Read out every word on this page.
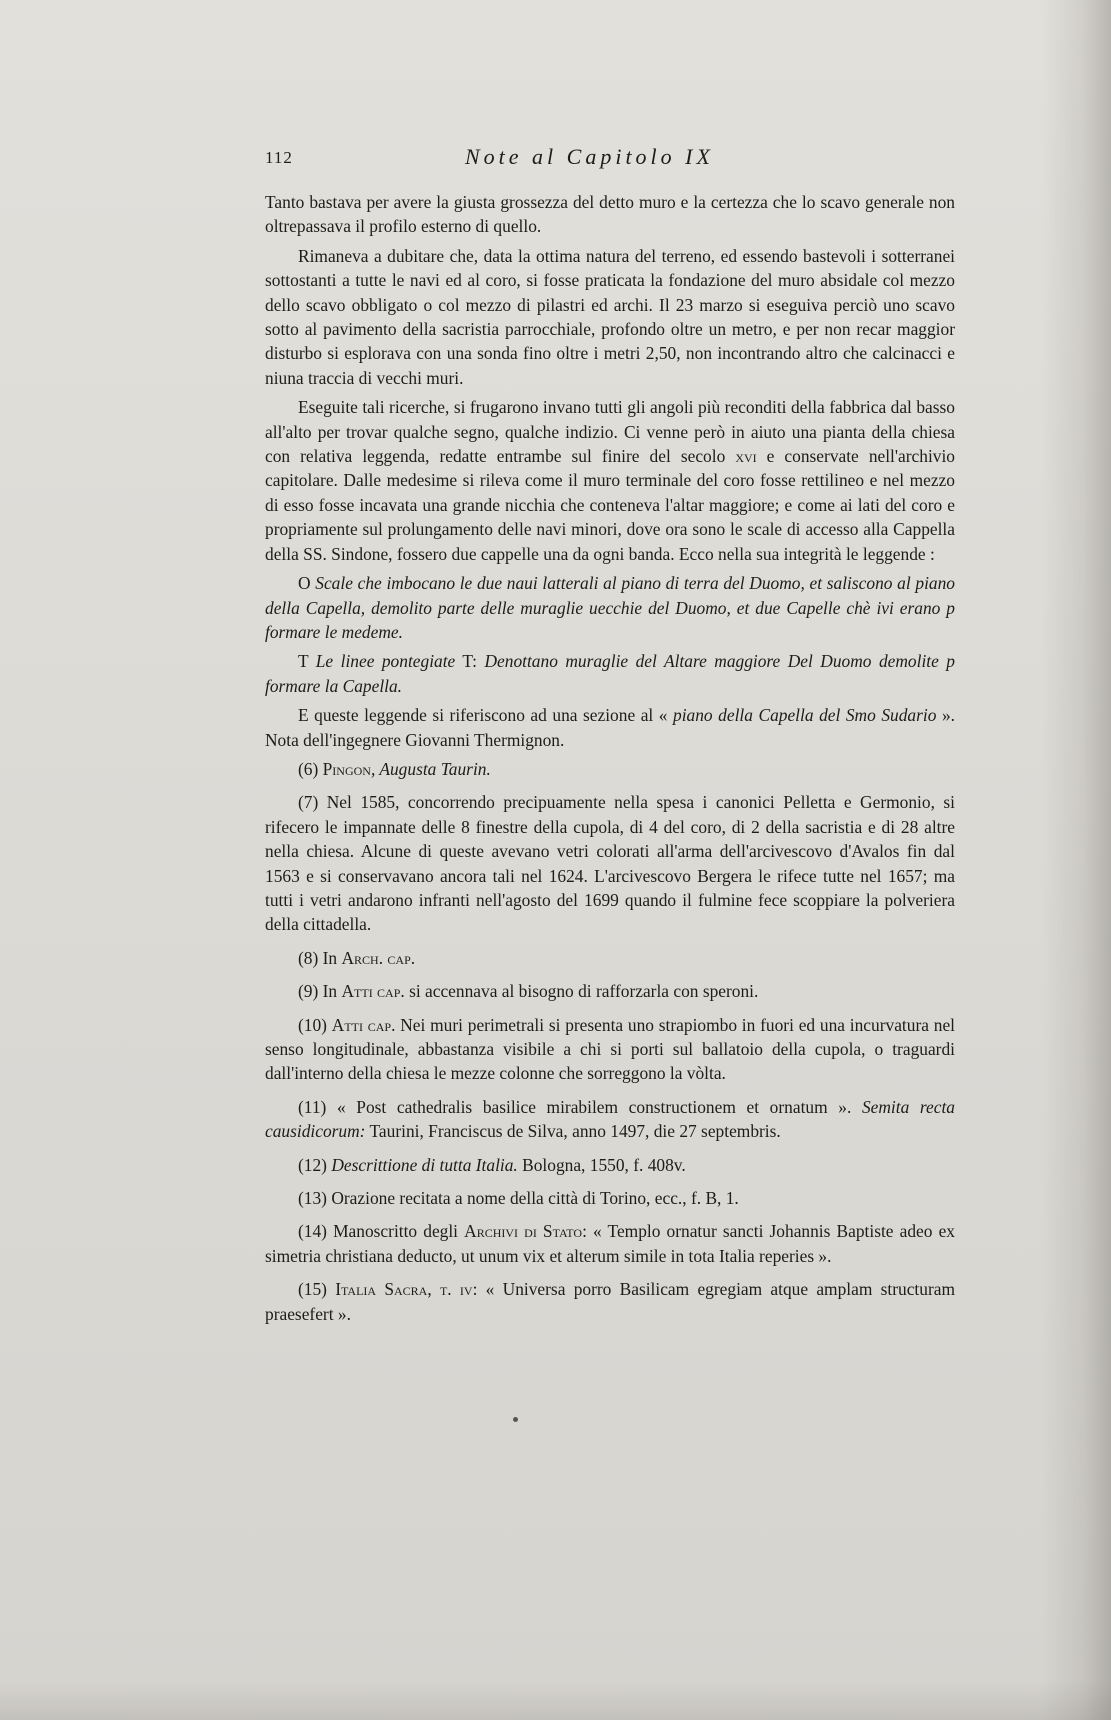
112	Note al Capitolo IX

Tanto bastava per avere la giusta grossezza del detto muro e la certezza che lo scavo generale non oltrepassava il profilo esterno di quello.

Rimaneva a dubitare che, data la ottima natura del terreno, ed essendo bastevoli i sotterranei sottostanti a tutte le navi ed al coro, si fosse praticata la fondazione del muro absidale col mezzo dello scavo obbligato o col mezzo di pilastri ed archi. Il 23 marzo si eseguiva perciò uno scavo sotto al pavimento della sacristia parrocchiale, profondo oltre un metro, e per non recar maggior disturbo si esplorava con una sonda fino oltre i metri 2,50, non incontrando altro che calcinacci e niuna traccia di vecchi muri.

Eseguite tali ricerche, si frugarono invano tutti gli angoli più reconditi della fabbrica dal basso all'alto per trovar qualche segno, qualche indizio. Ci venne però in aiuto una pianta della chiesa con relativa leggenda, redatte entrambe sul finire del secolo xvi e conservate nell'archivio capitolare. Dalle medesime si rileva come il muro terminale del coro fosse rettilineo e nel mezzo di esso fosse incavata una grande nicchia che conteneva l'altar maggiore; e come ai lati del coro e propriamente sul prolungamento delle navi minori, dove ora sono le scale di accesso alla Cappella della SS. Sindone, fossero due cappelle una da ogni banda. Ecco nella sua integrità le leggende :

O Scale che imbocano le due naui latterali al piano di terra del Duomo, et saliscono al piano della Capella, demolito parte delle muraglie uecchie del Duomo, et due Capelle chè ivi erano p formare le medeme.

T Le linee pontegiate T: Denottano muraglie del Altare maggiore Del Duomo demolite p formare la Capella.

E queste leggende si riferiscono ad una sezione al « piano della Capella del Smo Sudario ». Nota dell'ingegnere Giovanni Thermignon.

(6) Pingon, Augusta Taurin.

(7) Nel 1585, concorrendo precipuamente nella spesa i canonici Pelletta e Germonio, si rifecero le impannate delle 8 finestre della cupola, di 4 del coro, di 2 della sacristia e di 28 altre nella chiesa. Alcune di queste avevano vetri colorati all'arma dell'arcivescovo d'Avalos fin dal 1563 e si conservavano ancora tali nel 1624. L'arcivescovo Bergera le rifece tutte nel 1657; ma tutti i vetri andarono infranti nell'agosto del 1699 quando il fulmine fece scoppiare la polveriera della cittadella.

(8) In Arch. cap.

(9) In Atti cap. si accennava al bisogno di rafforzarla con speroni.

(10) Atti cap. Nei muri perimetrali si presenta uno strapiombo in fuori ed una incurvatura nel senso longitudinale, abbastanza visibile a chi si porti sul ballatoio della cupola, o traguardi dall'interno della chiesa le mezze colonne che sorreggono la vòlta.

(11) « Post cathedralis basilice mirabilem constructionem et ornatum ». Semita recta causidicorum: Taurini, Franciscus de Silva, anno 1497, die 27 septembris.

(12) Descrittione di tutta Italia. Bologna, 1550, f. 408v.

(13) Orazione recitata a nome della città di Torino, ecc., f. B, 1.

(14) Manoscritto degli Archivi di Stato: « Templo ornatur sancti Johannis Baptiste adeo ex simetria christiana deducto, ut unum vix et alterum simile in tota Italia reperies ».

(15) Italia Sacra, t. iv: « Universa porro Basilicam egregiam atque amplam structuram praesefert ».
